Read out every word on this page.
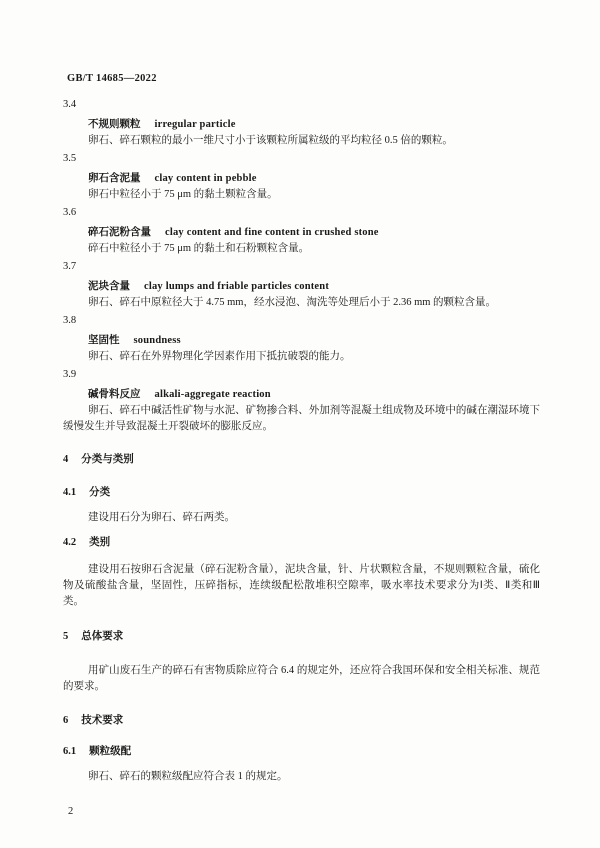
GB/T 14685—2022
3.4
不规则颗粒 irregular particle

卵石、碎石颗粒的最小一维尺寸小于该颗粒所属粒级的平均粒径 0.5 倍的颗粒。

3.5
卵石含泥量 clay content in pebble

卵石中粒径小于 75 μm 的黏土颗粒含量。

3.6
碎石泥粉含量 clay content and fine content in crushed stone

碎石中粒径小于 75 μm 的黏土和石粉颗粒含量。

3.7
泥块含量 clay lumps and friable particles content

卵石、碎石中原粒径大于 4.75 mm，经水浸泡、淘洗等处理后小于 2.36 mm 的颗粒含量。

3.8
坚固性 soundness

卵石、碎石在外界物理化学因素作用下抵抗破裂的能力。

3.9
碱骨料反应 alkali-aggregate reaction

卵石、碎石中碱活性矿物与水泥、矿物掺合料、外加剂等混凝土组成物及环境中的碱在潮湿环境下缓慢发生并导致混凝土开裂破坏的膨胀反应。

4 分类与类别
4.1 分类

建设用石分为卵石、碎石两类。

4.2 类别

建设用石按卵石含泥量（碎石泥粉含量），泥块含量，针、片状颗粒含量，不规则颗粒含量，硫化物及硫酸盐含量，坚固性，压碎指标，连续级配松散堆积空隙率，吸水率技术要求分为Ⅰ类、Ⅱ类和Ⅲ类。

5 总体要求

用矿山废石生产的碎石有害物质除应符合 6.4 的规定外，还应符合我国环保和安全相关标准、规范的要求。

6 技术要求
6.1 颗粒级配

卵石、碎石的颗粒级配应符合表 1 的规定。

2
